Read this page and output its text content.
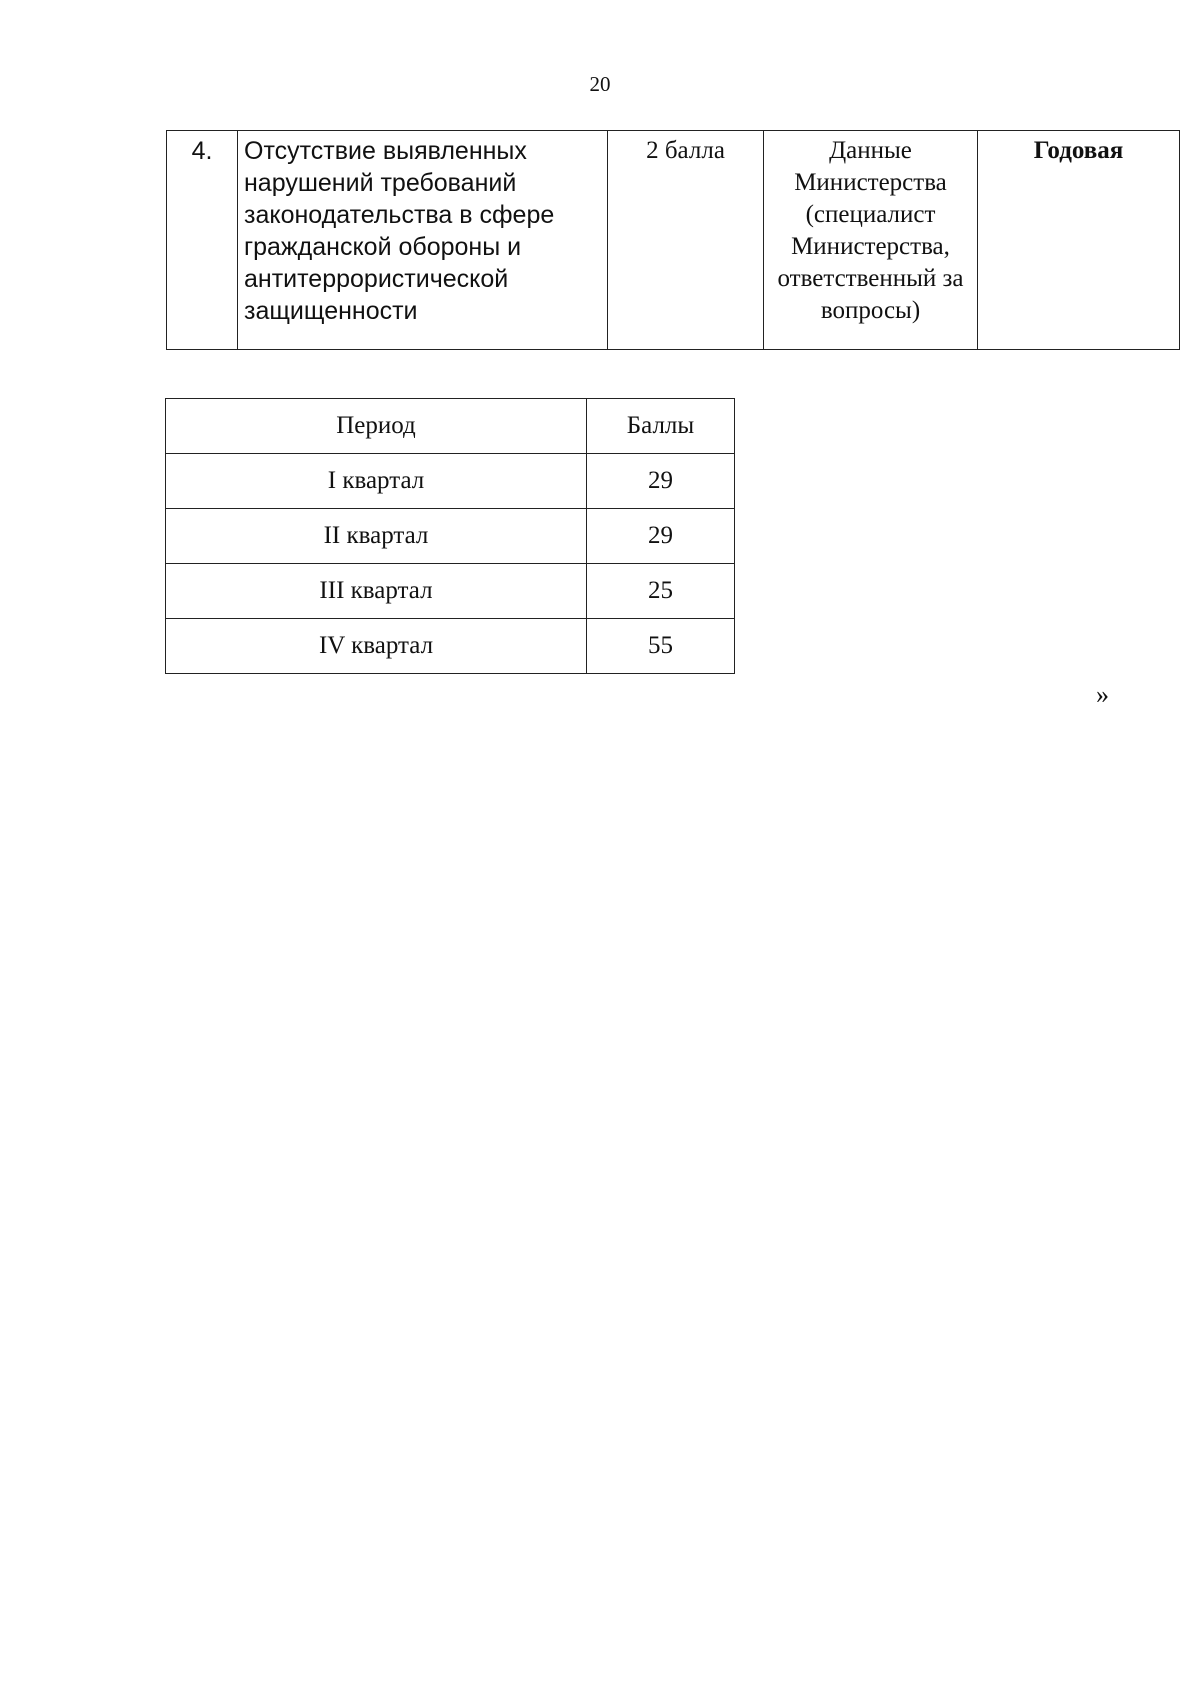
20
4.	Отсутствие выявленных нарушений требований законодательства в сфере гражданской обороны и антитеррористической защищенности	2 балла	Данные Министерства (специалист Министерства, ответственный за вопросы)	Годовая
Период	Баллы
I квартал	29
II квартал	29
III квартал	25
IV квартал	55
»
